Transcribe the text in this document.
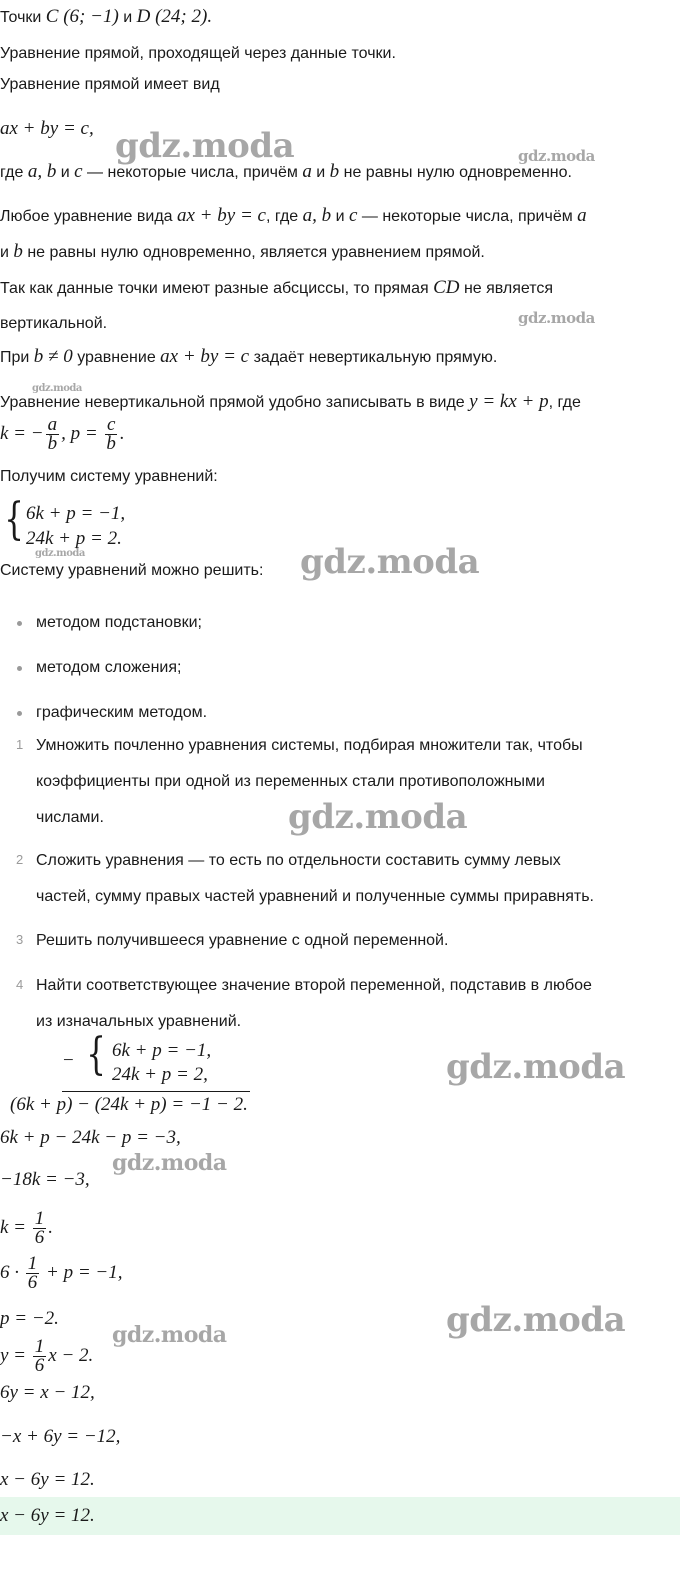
Точки C (6; −1) и D (24; 2).
Уравнение прямой, проходящей через данные точки.
Уравнение прямой имеет вид
ax + by = c,
где a, b и c — некоторые числа, причём a и b не равны нулю одновременно.
Любое уравнение вида ax + by = c, где a, b и c — некоторые числа, причём a
и b не равны нулю одновременно, является уравнением прямой.
Так как данные точки имеют разные абсциссы, то прямая CD не является
вертикальной.
При b ≠ 0 уравнение ax + by = c задаёт невертикальную прямую.
Уравнение невертикальной прямой удобно записывать в виде y = kx + p, где
k = − $\frac{a}{b}$ , $p = \frac{c}{b}$ .
Получим систему уравнений:
{ 6k + p = −1,
24k + p = 2.
Систему уравнений можно решить:
методом подстановки;
методом сложения;
графическим методом.
1 Умножить почленно уравнения системы, подбирая множители так, чтобы
коэффициенты при одной из переменных стали противоположными
числами.
2 Сложить уравнения — то есть по отдельности составить сумму левых
частей, сумму правых частей уравнений и полученные суммы приравнять.
3 Решить получившееся уравнение с одной переменной.
4 Найти соответствующее значение второй переменной, подставив в любое
из изначальных уравнений.
− { 6k + p = −1,
24k + p = 2,
(6k + p) − (24k + p) = −1 − 2.
6k + p − 24k − p = −3,
−18k = −3,
$k = \frac{1}{6}$ .
$6 \cdot \frac{1}{6} + p = -1$,
p = −2.
$y = \frac{1}{6}$ x − 2.
6y = x − 12,
−x + 6y = −12,
x − 6y = 12.
x − 6y = 12.
gdz.moda	gdz.moda
gdz.moda
gdz.moda
gdz.moda	gdz.moda
gdz.moda
gdz.moda
gdz.moda
gdz.moda
gdz.moda
